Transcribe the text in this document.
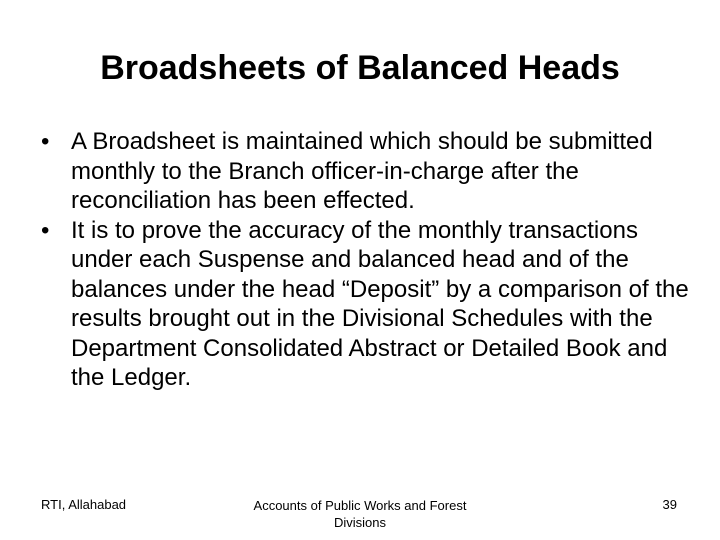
Broadsheets of Balanced Heads
• A Broadsheet is maintained which should be submitted monthly to the Branch officer-in-charge after the reconciliation has been effected.
• It is to prove the accuracy of the monthly transactions under each Suspense and balanced head and of the balances under the head “Deposit” by a comparison of the results brought out in the Divisional Schedules with the Department Consolidated Abstract or Detailed Book and the Ledger.
RTI, Allahabad	Accounts of Public Works and Forest Divisions
39
